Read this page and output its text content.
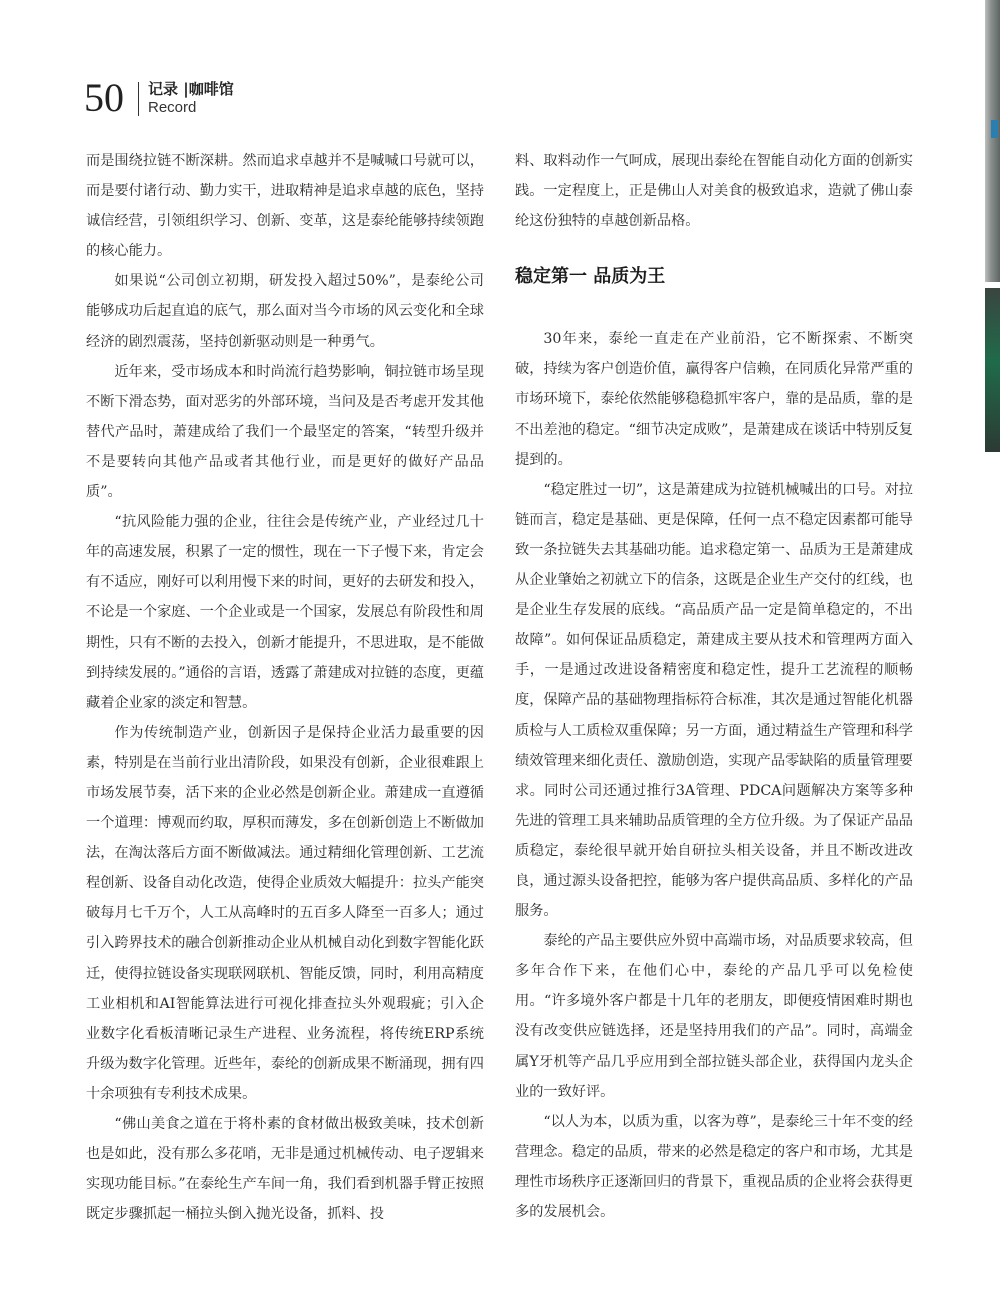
50 记录 |咖啡馆
Record

而是围绕拉链不断深耕。然而追求卓越并不是喊喊口号就可以，而是要付诸行动、勤力实干，进取精神是追求卓越的底色，坚持诚信经营，引领组织学习、创新、变革，这是泰纶能够持续领跑的核心能力。

如果说“公司创立初期，研发投入超过50%”，是泰纶公司能够成功后起直追的底气，那么面对当今市场的风云变化和全球经济的剧烈震荡，坚持创新驱动则是一种勇气。

近年来，受市场成本和时尚流行趋势影响，铜拉链市场呈现不断下滑态势，面对恶劣的外部环境，当问及是否考虑开发其他替代产品时，萧建成给了我们一个最坚定的答案，“转型升级并不是要转向其他产品或者其他行业，而是更好的做好产品品质”。

“抗风险能力强的企业，往往会是传统产业，产业经过几十年的高速发展，积累了一定的惯性，现在一下子慢下来，肯定会有不适应，刚好可以利用慢下来的时间，更好的去研发和投入，不论是一个家庭、一个企业或是一个国家，发展总有阶段性和周期性，只有不断的去投入，创新才能提升，不思进取，是不能做到持续发展的。”通俗的言语，透露了萧建成对拉链的态度，更蕴藏着企业家的淡定和智慧。

作为传统制造产业，创新因子是保持企业活力最重要的因素，特别是在当前行业出清阶段，如果没有创新，企业很难跟上市场发展节奏，活下来的企业必然是创新企业。萧建成一直遵循一个道理：博观而约取，厚积而薄发，多在创新创造上不断做加法，在淘汰落后方面不断做减法。通过精细化管理创新、工艺流程创新、设备自动化改造，使得企业质效大幅提升：拉头产能突破每月七千万个，人工从高峰时的五百多人降至一百多人；通过引入跨界技术的融合创新推动企业从机械自动化到数字智能化跃迁，使得拉链设备实现联网联机、智能反馈，同时，利用高精度工业相机和AI智能算法进行可视化排查拉头外观瑕疵；引入企业数字化看板清晰记录生产进程、业务流程，将传统ERP系统升级为数字化管理。近些年，泰纶的创新成果不断涌现，拥有四十余项独有专利技术成果。

“佛山美食之道在于将朴素的食材做出极致美味，技术创新也是如此，没有那么多花哨，无非是通过机械传动、电子逻辑来实现功能目标。”在泰纶生产车间一角，我们看到机器手臂正按照既定步骤抓起一桶拉头倒入抛光设备，抓料、投

料、取料动作一气呵成，展现出泰纶在智能自动化方面的创新实践。一定程度上，正是佛山人对美食的极致追求，造就了佛山泰纶这份独特的卓越创新品格。

稳定第一 品质为王

30年来，泰纶一直走在产业前沿，它不断探索、不断突破，持续为客户创造价值，赢得客户信赖，在同质化异常严重的市场环境下，泰纶依然能够稳稳抓牢客户，靠的是品质，靠的是不出差池的稳定。“细节决定成败”，是萧建成在谈话中特别反复提到的。

“稳定胜过一切”，这是萧建成为拉链机械喊出的口号。对拉链而言，稳定是基础、更是保障，任何一点不稳定因素都可能导致一条拉链失去其基础功能。追求稳定第一、品质为王是萧建成从企业肇始之初就立下的信条，这既是企业生产交付的红线，也是企业生存发展的底线。“高品质产品一定是简单稳定的，不出故障”。如何保证品质稳定，萧建成主要从技术和管理两方面入手，一是通过改进设备精密度和稳定性，提升工艺流程的顺畅度，保障产品的基础物理指标符合标准，其次是通过智能化机器质检与人工质检双重保障；另一方面，通过精益生产管理和科学绩效管理来细化责任、激励创造，实现产品零缺陷的质量管理要求。同时公司还通过推行3A管理、PDCA问题解决方案等多种先进的管理工具来辅助品质管理的全方位升级。为了保证产品品质稳定，泰纶很早就开始自研拉头相关设备，并且不断改进改良，通过源头设备把控，能够为客户提供高品质、多样化的产品服务。

泰纶的产品主要供应外贸中高端市场，对品质要求较高，但多年合作下来，在他们心中，泰纶的产品几乎可以免检使用。“许多境外客户都是十几年的老朋友，即便疫情困难时期也没有改变供应链选择，还是坚持用我们的产品”。同时，高端金属Y牙机等产品几乎应用到全部拉链头部企业，获得国内龙头企业的一致好评。

“以人为本，以质为重，以客为尊”，是泰纶三十年不变的经营理念。稳定的品质，带来的必然是稳定的客户和市场，尤其是理性市场秩序正逐渐回归的背景下，重视品质的企业将会获得更多的发展机会。
